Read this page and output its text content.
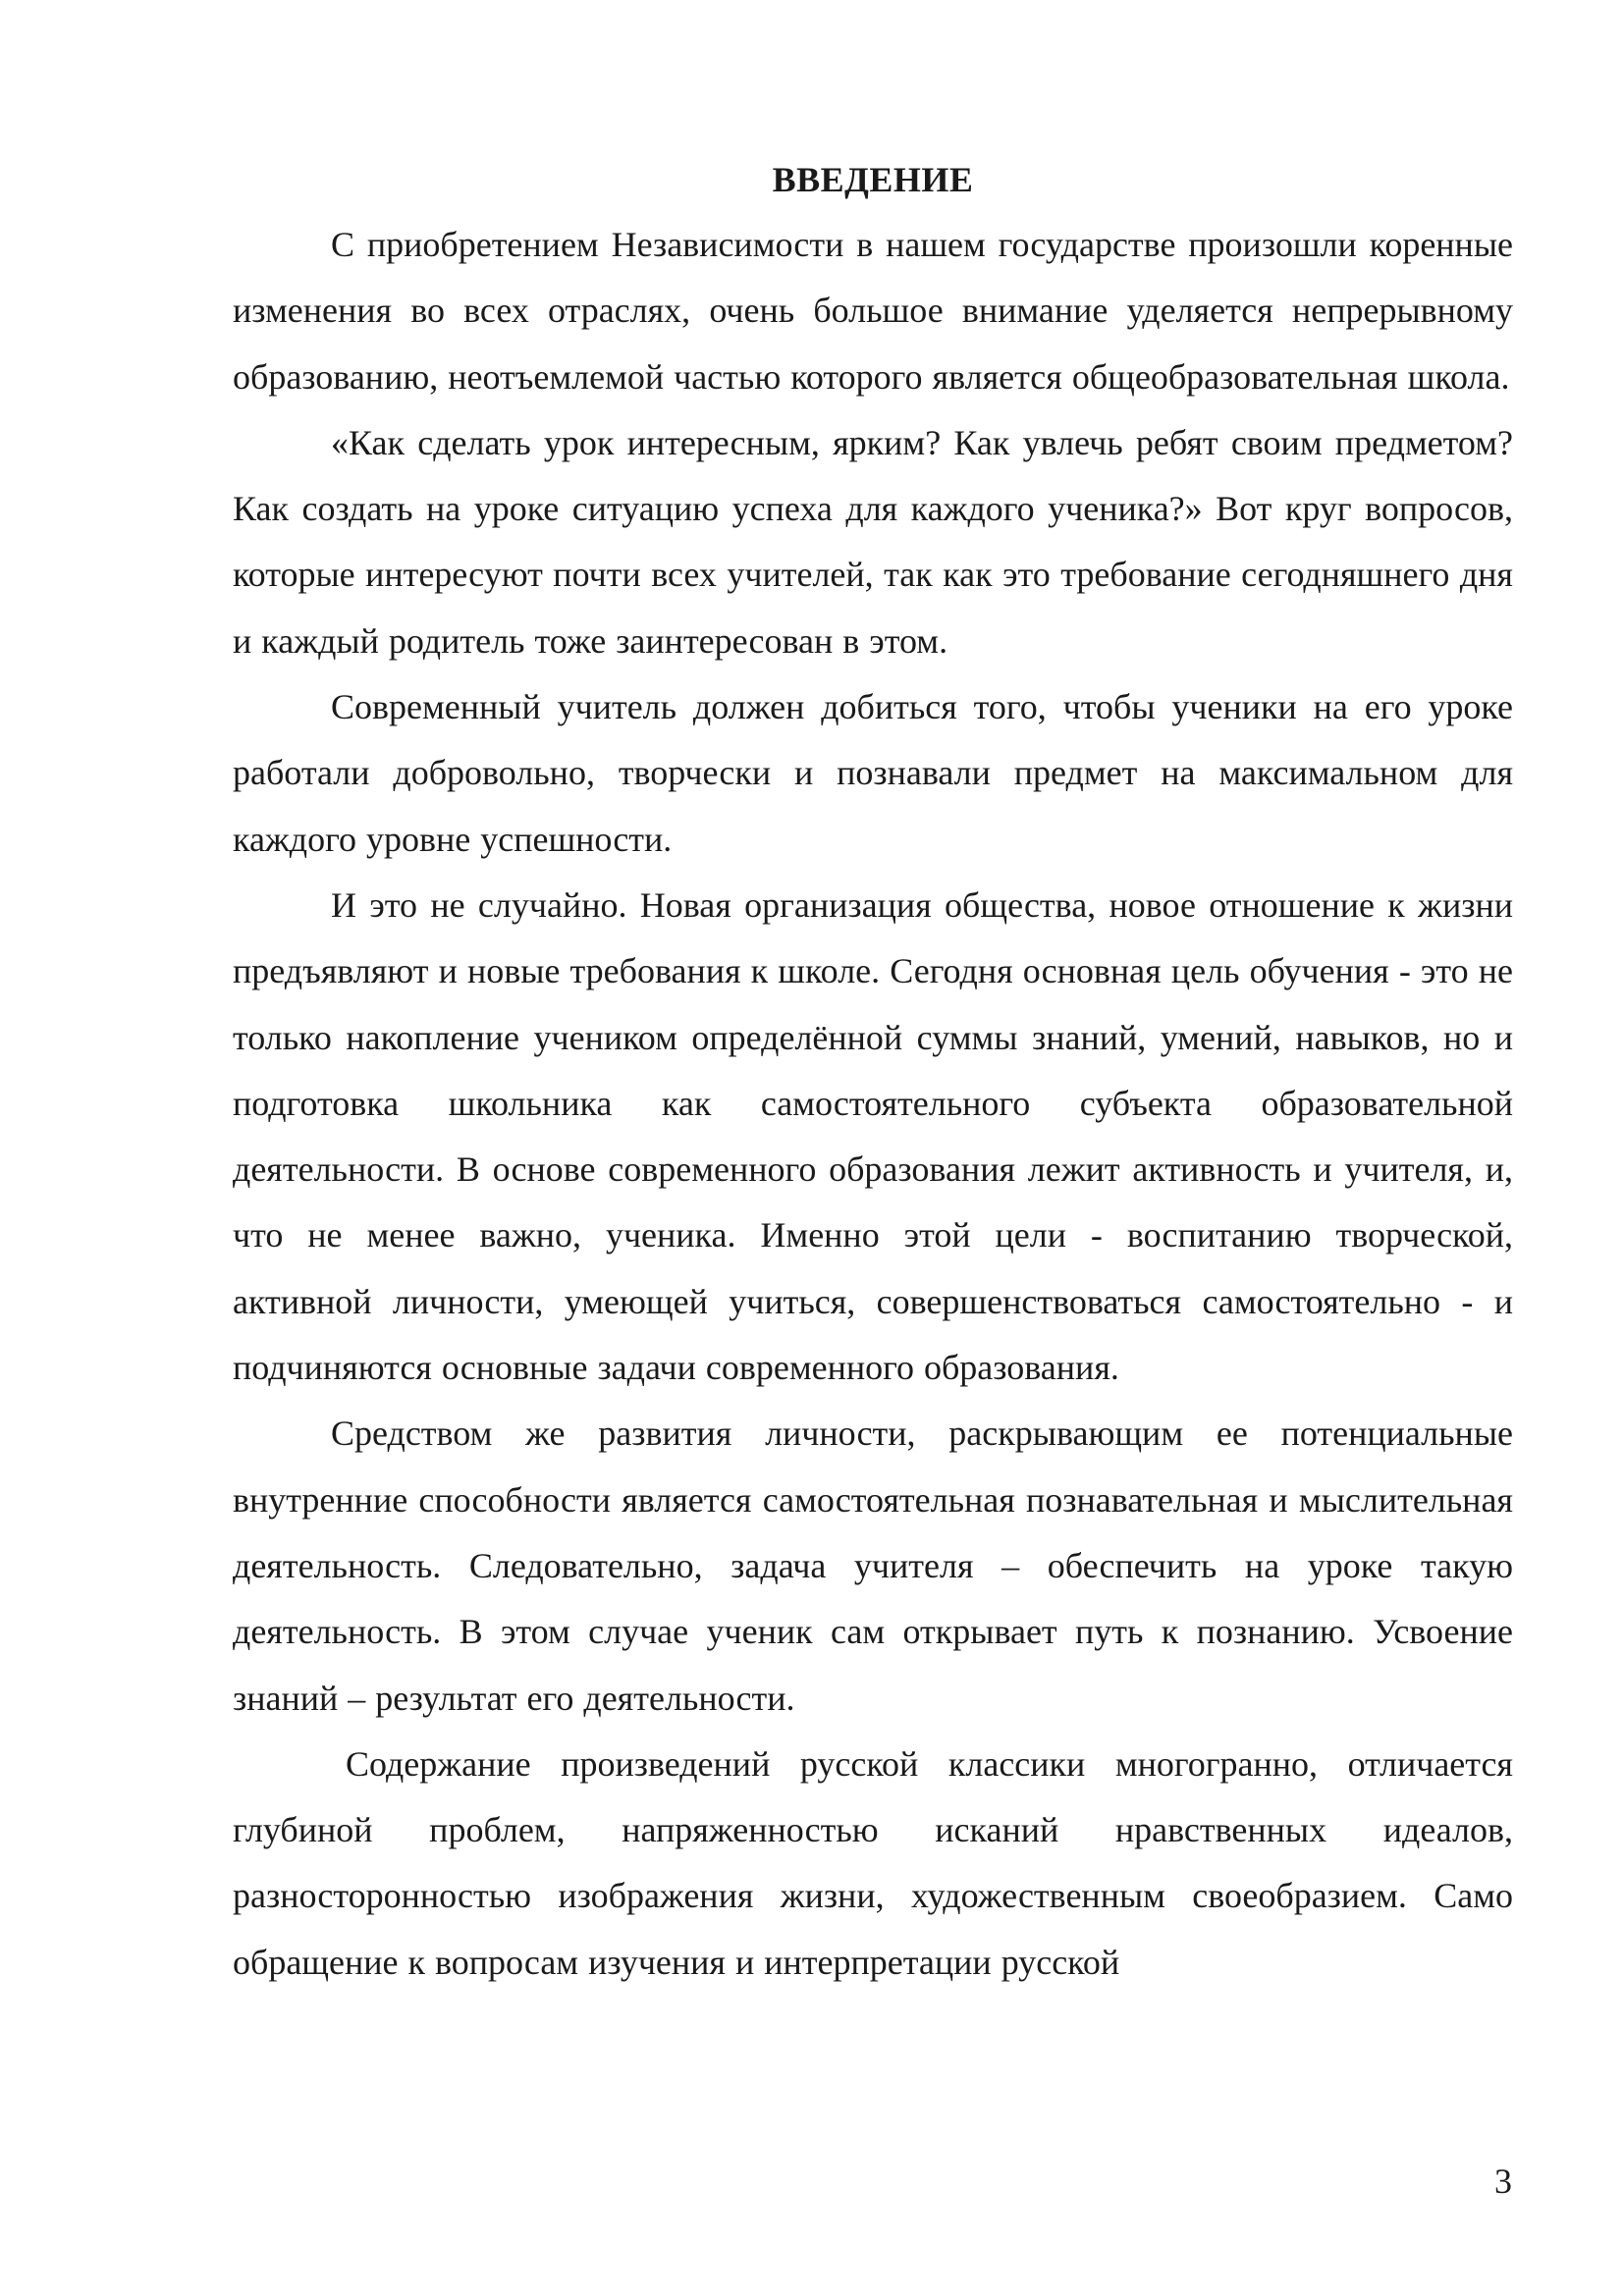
ВВЕДЕНИЕ

С приобретением Независимости в нашем государстве произошли коренные изменения во всех отраслях, очень большое внимание уделяется непрерывному образованию, неотъемлемой частью которого является общеобразовательная школа.

«Как сделать урок интересным, ярким? Как увлечь ребят своим предметом? Как создать на уроке ситуацию успеха для каждого ученика?» Вот круг вопросов, которые интересуют почти всех учителей, так как это требование сегодняшнего дня и каждый родитель тоже заинтересован в этом.

Современный учитель должен добиться того, чтобы ученики на его уроке работали добровольно, творчески и познавали предмет на максимальном для каждого уровне успешности.

И это не случайно. Новая организация общества, новое отношение к жизни предъявляют и новые требования к школе. Сегодня основная цель обучения - это не только накопление учеником определённой суммы знаний, умений, навыков, но и подготовка школьника как самостоятельного субъекта образовательной деятельности. В основе современного образования лежит активность и учителя, и, что не менее важно, ученика. Именно этой цели - воспитанию творческой, активной личности, умеющей учиться, совершенствоваться самостоятельно - и подчиняются основные задачи современного образования.

Средством же развития личности, раскрывающим ее потенциальные внутренние способности является самостоятельная познавательная и мыслительная деятельность. Следовательно, задача учителя – обеспечить на уроке такую деятельность. В этом случае ученик сам открывает путь к познанию. Усвоение знаний – результат его деятельности.

Содержание произведений русской классики многогранно, отличается глубиной проблем, напряженностью исканий нравственных идеалов, разносторонностью изображения жизни, художественным своеобразием. Само обращение к вопросам изучения и интерпретации русской

3
